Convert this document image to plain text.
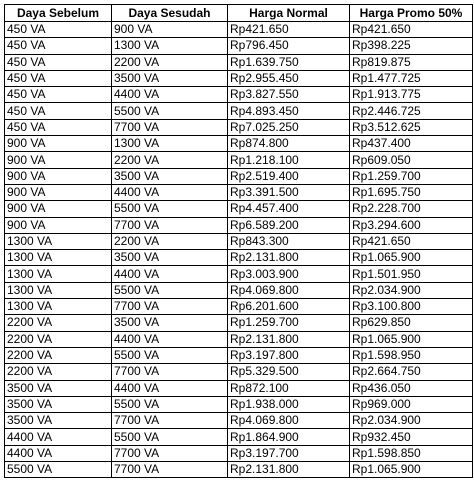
Daya Sebelum	Daya Sesudah	Harga Normal	Harga Promo 50%
450 VA	900 VA	Rp421.650	Rp421.650
450 VA	1300 VA	Rp796.450	Rp398.225
450 VA	2200 VA	Rp1.639.750	Rp819.875
450 VA	3500 VA	Rp2.955.450	Rp1.477.725
450 VA	4400 VA	Rp3.827.550	Rp1.913.775
450 VA	5500 VA	Rp4.893.450	Rp2.446.725
450 VA	7700 VA	Rp7.025.250	Rp3.512.625
900 VA	1300 VA	Rp874.800	Rp437.400
900 VA	2200 VA	Rp1.218.100	Rp609.050
900 VA	3500 VA	Rp2.519.400	Rp1.259.700
900 VA	4400 VA	Rp3.391.500	Rp1.695.750
900 VA	5500 VA	Rp4.457.400	Rp2.228.700
900 VA	7700 VA	Rp6.589.200	Rp3.294.600
1300 VA	2200 VA	Rp843.300	Rp421.650
1300 VA	3500 VA	Rp2.131.800	Rp1.065.900
1300 VA	4400 VA	Rp3.003.900	Rp1.501.950
1300 VA	5500 VA	Rp4.069.800	Rp2.034.900
1300 VA	7700 VA	Rp6.201.600	Rp3.100.800
2200 VA	3500 VA	Rp1.259.700	Rp629.850
2200 VA	4400 VA	Rp2.131.800	Rp1.065.900
2200 VA	5500 VA	Rp3.197.800	Rp1.598.950
2200 VA	7700 VA	Rp5.329.500	Rp2.664.750
3500 VA	4400 VA	Rp872.100	Rp436.050
3500 VA	5500 VA	Rp1.938.000	Rp969.000
3500 VA	7700 VA	Rp4.069.800	Rp2.034.900
4400 VA	5500 VA	Rp1.864.900	Rp932.450
4400 VA	7700 VA	Rp3.197.700	Rp1.598.850
5500 VA	7700 VA	Rp2.131.800	Rp1.065.900
